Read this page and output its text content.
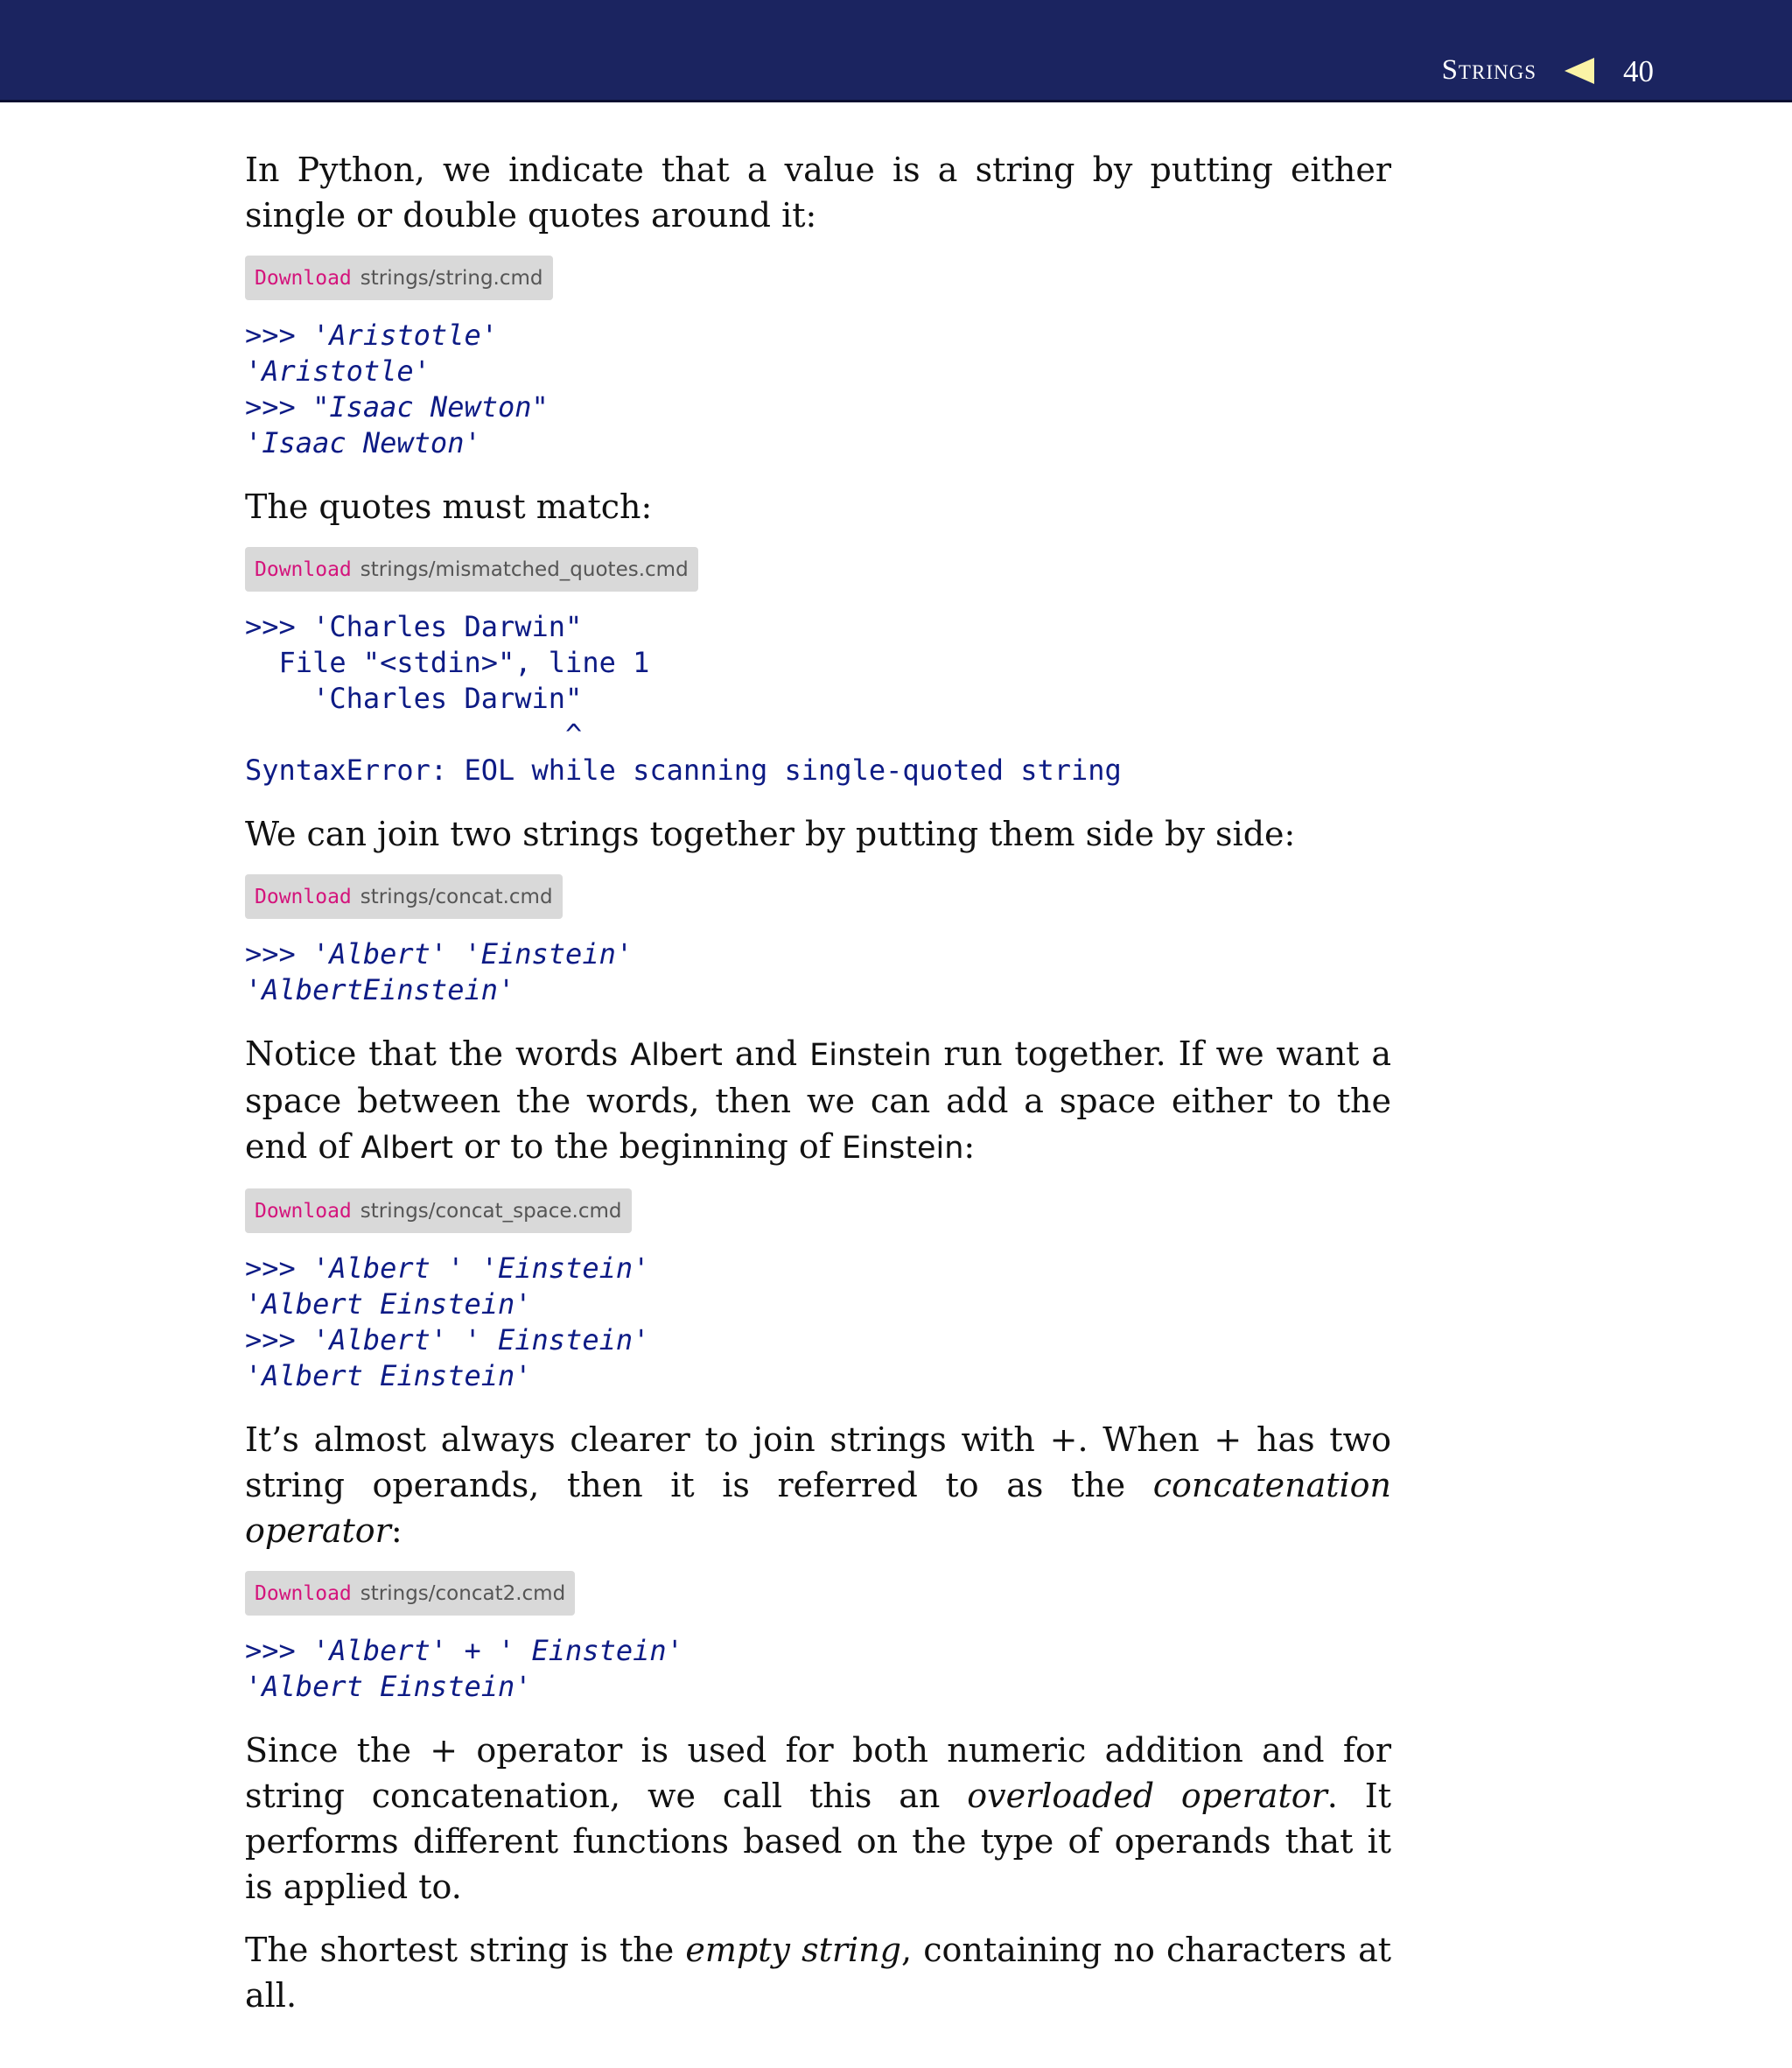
Strings	40

In Python, we indicate that a value is a string by putting either single or double quotes around it:

Download strings/string.cmd
>>> 'Aristotle'
'Aristotle'
>>> "Isaac Newton"
'Isaac Newton'

The quotes must match:

Download strings/mismatched_quotes.cmd
>>> 'Charles Darwin"
File "<stdin>", line 1
'Charles Darwin"
^
SyntaxError: EOL while scanning single-quoted string

We can join two strings together by putting them side by side:

Download strings/concat.cmd
>>> 'Albert' 'Einstein'
'AlbertEinstein'

Notice that the words Albert and Einstein run together. If we want a space between the words, then we can add a space either to the end of Albert or to the beginning of Einstein:

Download strings/concat_space.cmd
>>> 'Albert ' 'Einstein'
'Albert Einstein'
>>> 'Albert' ' Einstein'
'Albert Einstein'

It’s almost always clearer to join strings with +. When + has two string operands, then it is referred to as the concatenation operator:

Download strings/concat2.cmd
>>> 'Albert' + ' Einstein'
'Albert Einstein'

Since the + operator is used for both numeric addition and for string concatenation, we call this an overloaded operator. It performs different functions based on the type of operands that it is applied to.

The shortest string is the empty string, containing no characters at all.
